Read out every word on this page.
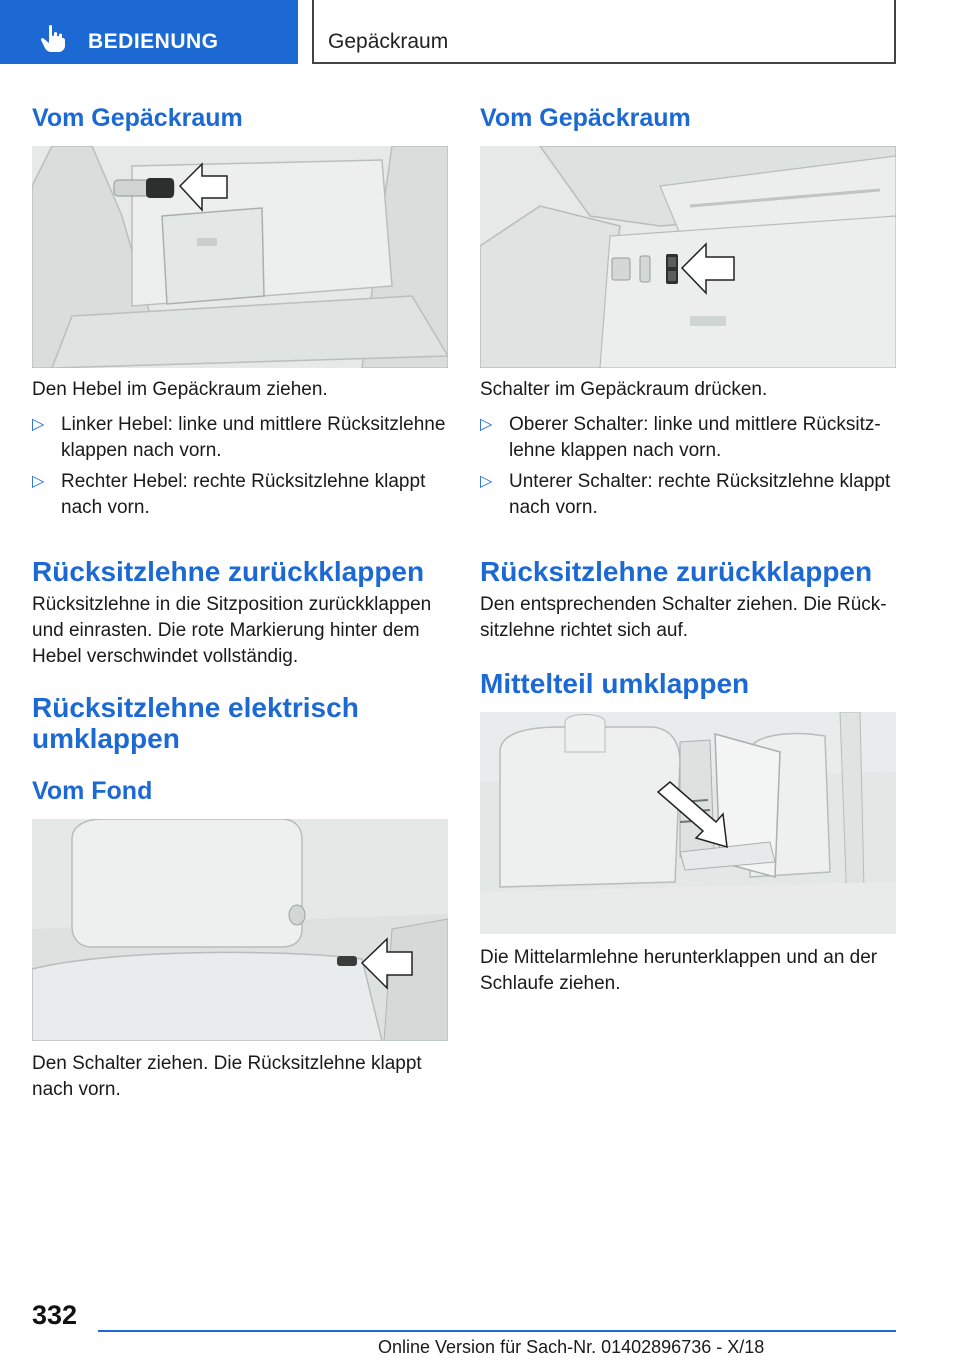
BEDIENUNG	Gepäckraum
Vom Gepäckraum
Den Hebel im Gepäckraum ziehen.
▷ Linker Hebel: linke und mittlere Rücksitzlehne klappen nach vorn.
▷ Rechter Hebel: rechte Rücksitzlehne klappt nach vorn.
Rücksitzlehne zurückklappen
Rücksitzlehne in die Sitzposition zurückklappen und einrasten. Die rote Markierung hinter dem Hebel verschwindet vollständig.
Rücksitzlehne elektrisch umklappen
Vom Fond
Den Schalter ziehen. Die Rücksitzlehne klappt nach vorn.
Vom Gepäckraum
Schalter im Gepäckraum drücken.
▷ Oberer Schalter: linke und mittlere Rücksitzlehne klappen nach vorn.
▷ Unterer Schalter: rechte Rücksitzlehne klappt nach vorn.
Rücksitzlehne zurückklappen
Den entsprechenden Schalter ziehen. Die Rücksitzlehne richtet sich auf.
Mittelteil umklappen
Die Mittelarmlehne herunterklappen und an der Schlaufe ziehen.
332
Online Version für Sach-Nr. 01402896736 - X/18
